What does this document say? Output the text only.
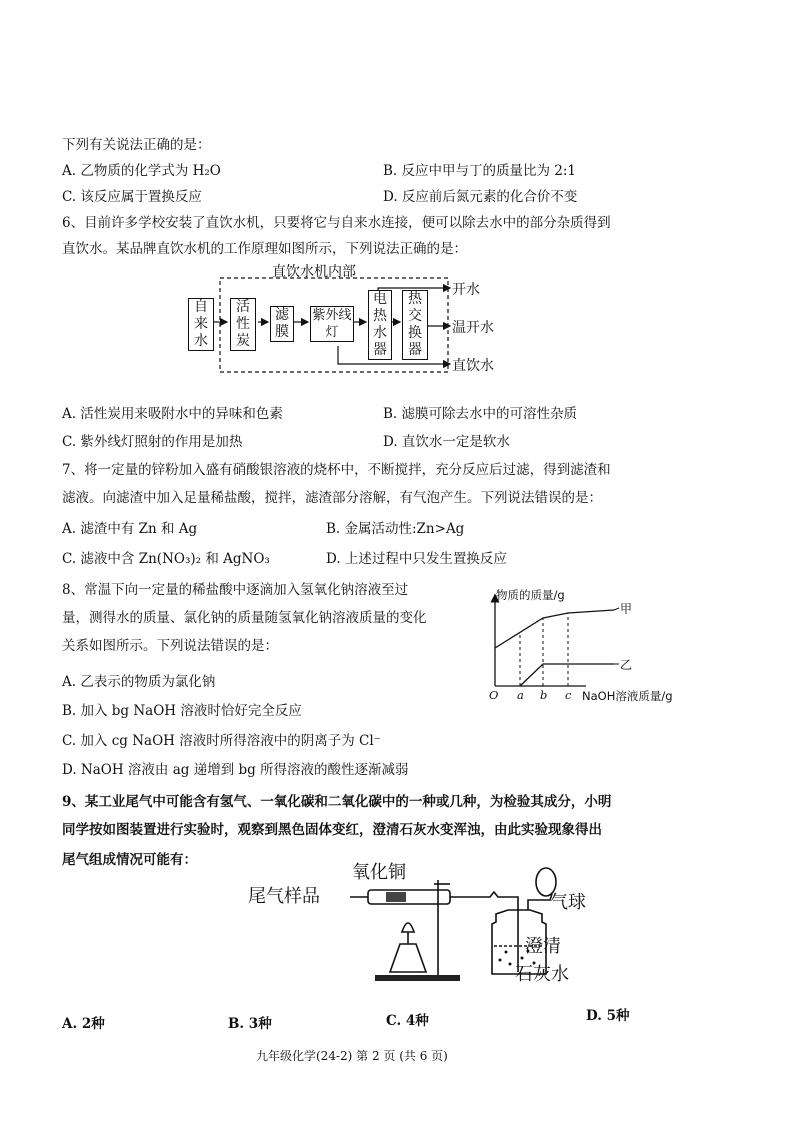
下列有关说法正确的是：
A. 乙物质的化学式为 H₂O	B. 反应中甲与丁的质量比为 2:1
C. 该反应属于置换反应	D. 反应前后氮元素的化合价不变
6、目前许多学校安装了直饮水机，只要将它与自来水连接，便可以除去水中的部分杂质得到
直饮水。某品牌直饮水机的工作原理如图所示，下列说法正确的是：
直饮水机内部
自来水
活性炭
滤膜
紫外线灯
电热水器
热交换器
开水
温开水
直饮水
A. 活性炭用来吸附水中的异味和色素	B. 滤膜可除去水中的可溶性杂质
C. 紫外线灯照射的作用是加热	D. 直饮水一定是软水
7、将一定量的锌粉加入盛有硝酸银溶液的烧杯中，不断搅拌，充分反应后过滤，得到滤渣和
滤液。向滤渣中加入足量稀盐酸，搅拌，滤渣部分溶解，有气泡产生。下列说法错误的是：
A. 滤渣中有 Zn 和 Ag	B. 金属活动性:Zn>Ag
C. 滤液中含 Zn(NO₃)₂ 和 AgNO₃	D. 上述过程中只发生置换反应
8、常温下向一定量的稀盐酸中逐滴加入氢氧化钠溶液至过
量，测得水的质量、氯化钠的质量随氢氧化钠溶液质量的变化
关系如图所示。下列说法错误的是：
A. 乙表示的物质为氯化钠
B. 加入 bg NaOH 溶液时恰好完全反应
C. 加入 cg NaOH 溶液时所得溶液中的阴离子为 Cl⁻
D. NaOH 溶液由 ag 递增到 bg 所得溶液的酸性逐渐减弱
物质的质量/g
O a b c NaOH溶液质量/g
甲
乙
9、某工业尾气中可能含有氢气、一氧化碳和二氧化碳中的一种或几种，为检验其成分，小明
同学按如图装置进行实验时，观察到黑色固体变红，澄清石灰水变浑浊，由此实验现象得出
尾气组成情况可能有：
尾气样品
氧化铜
气球
澄清
石灰水
A. 2种	B. 3种	C. 4种	D. 5种
九年级化学(24-2) 第 2 页 (共 6 页)
